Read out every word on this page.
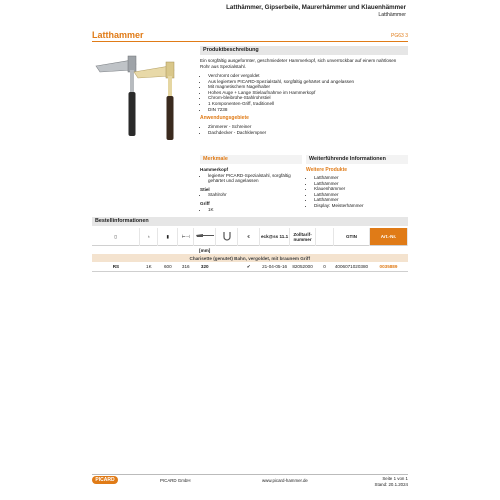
Latthämmer, Gipserbeile, Maurerhämmer und Klauenhämmer
Latthämmer
Latthammer	PG63 3
Produktbeschreibung
Ein sorgfältig ausgeformter, geschmiedeter Hammerkopf, sich unverrückbar auf einem nahtlosen Rohr aus Spezialstahl.
• Verchromt oder vergoldet
• Aus legiertem PICARD-Spezialstahl, sorgfältig gehärtet und angelassen
• Mit magnetischem Nagelhalter
• Hohes Auge + Lange Stielaufnahme im Hammerkopf
• Chrom-bleibrühe-Stahlrohrstiel
• 1 Komponenten-Griff, traditionell
• DIN 7238
Anwendungsgebiete
• Zimmerer - Schreiner
• Dachdecker - Dachklempner
Merkmale
Hammerkopf
• legierter PICARD-Spezialstahl, sorgfältig gehärtet und angelassen
Stiel
• Stahlrohr
Griff
• 1K
Weiterführende Informationen
Weitere Produkte
• Latthämmer
• Latthämmer
• Klauenhämmer
• Latthämmer
• Latthämmer
• Display: Meisterhämmer
Bestellinformationen
▯	♁	▮	⊢⊣			€	eck@ss 11.1	Zolltarif-nummer		GTIN	Art.-Nr.
				[mm]							
Charisette (genutet) Bahn, vergoldet, mit braunem Griff											
RS	1K	600	316	320		✔	21-04-05-16	82052000	0	4006071020380	0035889
PICARD	PICARD GmbH	www.picard-hammer.de	Seite 1 von 1
Stand: 20.1.2024
